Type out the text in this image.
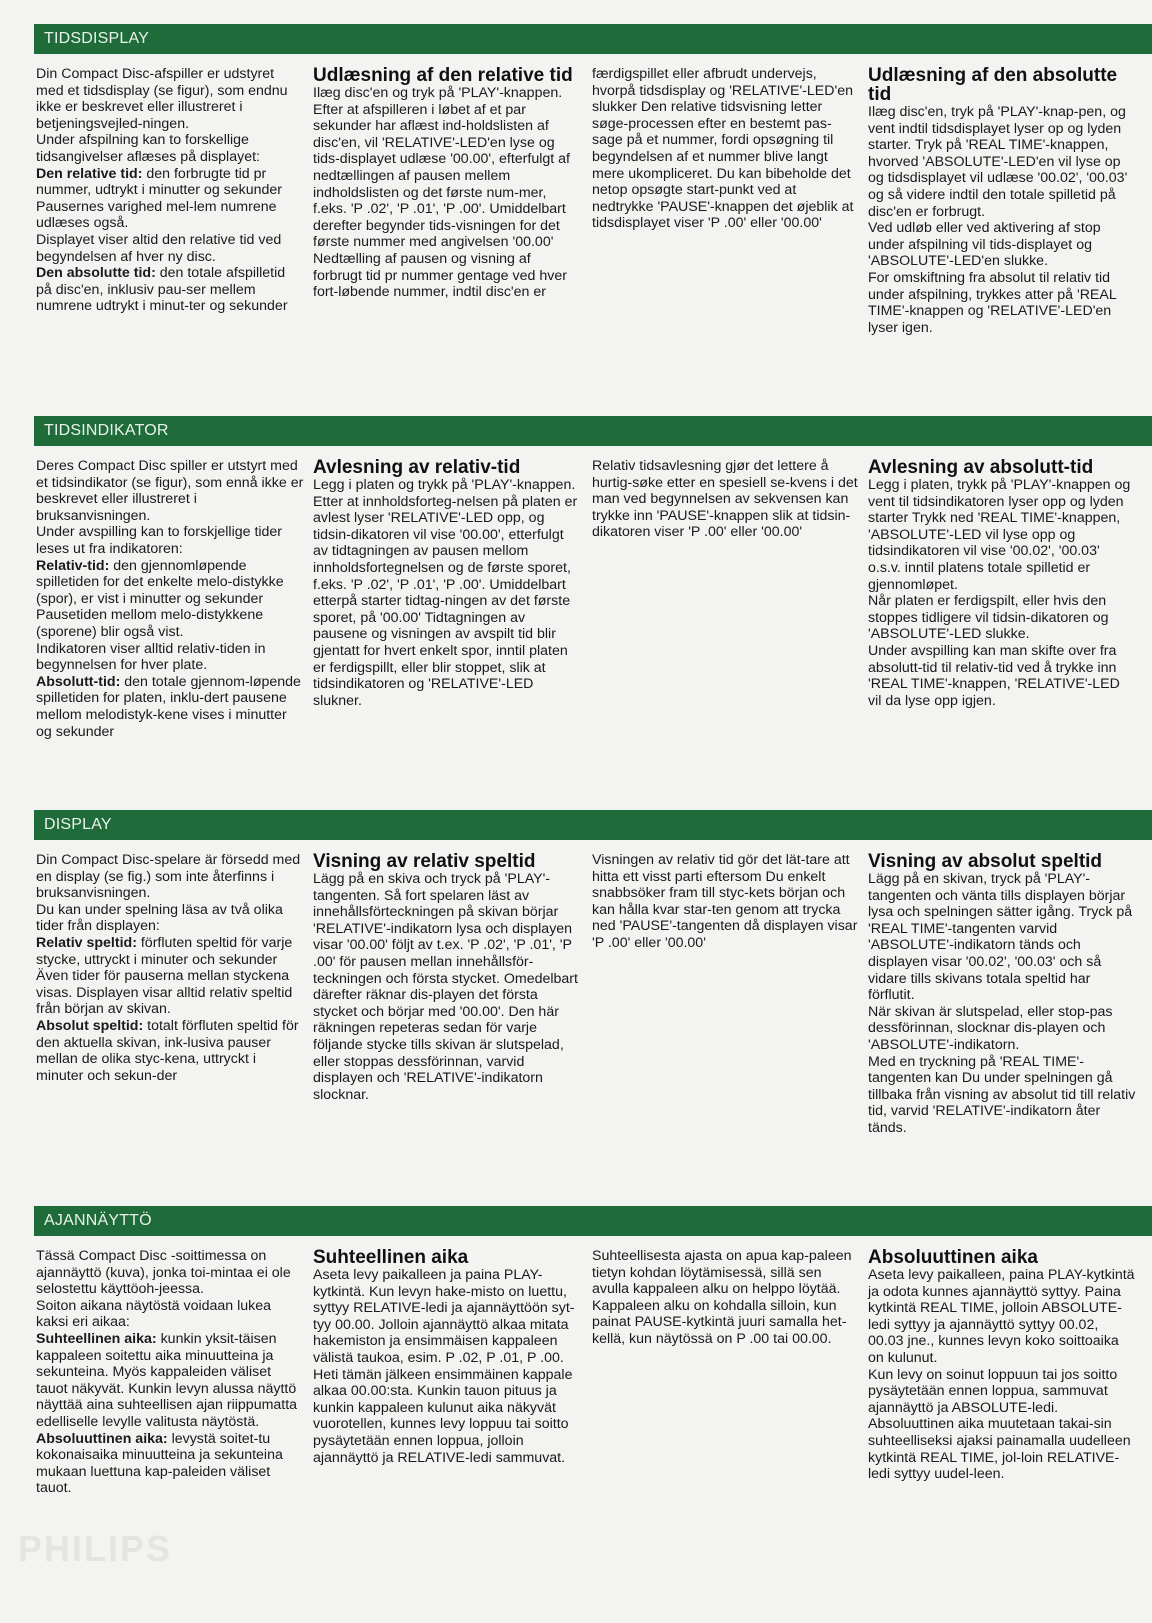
TIDSDISPLAY

Din Compact Disc-afspiller er udstyret med et tidsdisplay (se figur), som endnu ikke er beskrevet eller illustreret i betjeningsvejled-ningen.

Under afspilning kan to forskellige tidsangivelser aflæses på displayet:

Den relative tid: den forbrugte tid pr nummer, udtrykt i minutter og sekunder Pausernes varighed mel-lem numrene udlæses også.

Displayet viser altid den relative tid ved begyndelsen af hver ny disc.

Den absolutte tid: den totale afspilletid på disc'en, inklusiv pau-ser mellem numrene udtrykt i minut-ter og sekunder

Udlæsning af den relative tid

Ilæg disc'en og tryk på 'PLAY'-knappen. Efter at afspilleren i løbet af et par sekunder har aflæst ind-holdslisten af disc'en, vil 'RELATIVE'-LED'en lyse og tids-displayet udlæse '00.00', efterfulgt af nedtællingen af pausen mellem indholdslisten og det første num-mer, f.eks. 'P .02', 'P .01', 'P .00'. Umiddelbart derefter begynder tids-visningen for det første nummer med angivelsen '00.00' Nedtælling af pausen og visning af forbrugt tid pr nummer gentage ved hver fort-løbende nummer, indtil disc'en er

færdigspillet eller afbrudt undervejs, hvorpå tidsdisplay og 'RELATIVE'-LED'en slukker Den relative tidsvisning letter søge-processen efter en bestemt pas-sage på et nummer, fordi opsøgning til begyndelsen af et nummer blive langt mere ukompliceret. Du kan bibeholde det netop opsøgte start-punkt ved at nedtrykke 'PAUSE'-knappen det øjeblik at tidsdisplayet viser 'P .00' eller '00.00'

Udlæsning af den absolutte tid

Ilæg disc'en, tryk på 'PLAY'-knap-pen, og vent indtil tidsdisplayet lyser op og lyden starter. Tryk på 'REAL TIME'-knappen, hvorved 'ABSOLUTE'-LED'en vil lyse op og tidsdisplayet vil udlæse '00.02', '00.03' og så videre indtil den totale spilletid på disc'en er forbrugt.

Ved udløb eller ved aktivering af stop under afspilning vil tids-displayet og 'ABSOLUTE'-LED'en slukke.

For omskiftning fra absolut til relativ tid under afspilning, trykkes atter på 'REAL TIME'-knappen og 'RELATIVE'-LED'en lyser igen.

TIDSINDIKATOR

Deres Compact Disc spiller er utstyrt med et tidsindikator (se figur), som ennå ikke er beskrevet eller illustreret i bruksanvisningen.

Under avspilling kan to forskjellige tider leses ut fra indikatoren:

Relativ-tid: den gjennomløpende spilletiden for det enkelte melo-distykke (spor), er vist i minutter og sekunder Pausetiden mellom melo-distykkene (sporene) blir også vist.

Indikatoren viser alltid relativ-tiden in begynnelsen for hver plate.

Absolutt-tid: den totale gjennom-løpende spilletiden for platen, inklu-dert pausene mellom melodistyk-kene vises i minutter og sekunder

Avlesning av relativ-tid

Legg i platen og trykk på 'PLAY'-knappen. Etter at innholdsforteg-nelsen på platen er avlest lyser 'RELATIVE'-LED opp, og tidsin-dikatoren vil vise '00.00', etterfulgt av tidtagningen av pausen mellom innholdsfortegnelsen og de første sporet, f.eks. 'P .02', 'P .01', 'P .00'. Umiddelbart etterpå starter tidtag-ningen av det første sporet, på '00.00' Tidtagningen av pausene og visningen av avspilt tid blir gjentatt for hvert enkelt spor, inntil platen er ferdigspillt, eller blir stoppet, slik at tidsindikatoren og 'RELATIVE'-LED slukner.

Relativ tidsavlesning gjør det lettere å hurtig-søke etter en spesiell se-kvens i det man ved begynnelsen av sekvensen kan trykke inn 'PAUSE'-knappen slik at tidsin-dikatoren viser 'P .00' eller '00.00'

Avlesning av absolutt-tid

Legg i platen, trykk på 'PLAY'-knappen og vent til tidsindikatoren lyser opp og lyden starter Trykk ned 'REAL TIME'-knappen, 'ABSOLUTE'-LED vil lyse opp og tidsindikatoren vil vise '00.02', '00.03' o.s.v. inntil platens totale spilletid er gjennomløpet.

Når platen er ferdigspilt, eller hvis den stoppes tidligere vil tidsin-dikatoren og 'ABSOLUTE'-LED slukke.

Under avspilling kan man skifte over fra absolutt-tid til relativ-tid ved å trykke inn 'REAL TIME'-knappen, 'RELATIVE'-LED vil da lyse opp igjen.

DISPLAY

Din Compact Disc-spelare är försedd med en display (se fig.) som inte återfinns i bruksanvisningen.

Du kan under spelning läsa av två olika tider från displayen:

Relativ speltid: förfluten speltid för varje stycke, uttryckt i minuter och sekunder Även tider för pauserna mellan styckena visas. Displayen visar alltid relativ speltid från början av skivan.

Absolut speltid: totalt förfluten speltid för den aktuella skivan, ink-lusiva pauser mellan de olika styc-kena, uttryckt i minuter och sekun-der

Visning av relativ speltid

Lägg på en skiva och tryck på 'PLAY'-tangenten. Så fort spelaren läst av innehållsförteckningen på skivan börjar 'RELATIVE'-indikatorn lysa och displayen visar '00.00' följt av t.ex. 'P .02', 'P .01', 'P .00' för pausen mellan innehållsför-teckningen och första stycket. Omedelbart därefter räknar dis-playen det första stycket och börjar med '00.00'. Den här räkningen repeteras sedan för varje följande stycke tills skivan är slutspelad, eller stoppas dessförinnan, varvid displayen och 'RELATIVE'-indikatorn slocknar.

Visningen av relativ tid gör det lät-tare att hitta ett visst parti eftersom Du enkelt snabbsöker fram till styc-kets början och kan hålla kvar star-ten genom att trycka ned 'PAUSE'-tangenten då displayen visar 'P .00' eller '00.00'

Visning av absolut speltid

Lägg på en skivan, tryck på 'PLAY'-tangenten och vänta tills displayen börjar lysa och spelningen sätter igång. Tryck på 'REAL TIME'-tangenten varvid 'ABSOLUTE'-indikatorn tänds och displayen visar '00.02', '00.03' och så vidare tills skivans totala speltid har förflutit.

När skivan är slutspelad, eller stop-pas dessförinnan, slocknar dis-playen och 'ABSOLUTE'-indikatorn.

Med en tryckning på 'REAL TIME'-tangenten kan Du under spelningen gå tillbaka från visning av absolut tid till relativ tid, varvid 'RELATIVE'-indikatorn åter tänds.

AJANNÄYTTÖ

Tässä Compact Disc -soittimessa on ajannäyttö (kuva), jonka toi-mintaa ei ole selostettu käyttöoh-jeessa.

Soiton aikana näytöstä voidaan lukea kaksi eri aikaa:

Suhteellinen aika: kunkin yksit-täisen kappaleen soitettu aika minuutteina ja sekunteina. Myös kappaleiden väliset tauot näkyvät. Kunkin levyn alussa näyttö näyttää aina suhteellisen ajan riippumatta edelliselle levylle valitusta näytöstä.

Absoluuttinen aika: levystä soitet-tu kokonaisaika minuutteina ja sekunteina mukaan luettuna kap-paleiden väliset tauot.

Suhteellinen aika

Aseta levy paikalleen ja paina PLAY-kytkintä. Kun levyn hake-misto on luettu, syttyy RELATIVE-ledi ja ajannäyttöön syt-tyy 00.00. Jolloin ajannäyttö alkaa mitata hakemiston ja ensimmäisen kappaleen välistä taukoa, esim. P .02, P .01, P .00. Heti tämän jälkeen ensimmäinen kappale alkaa 00.00:sta. Kunkin tauon pituus ja kunkin kappaleen kulunut aika näkyvät vuorotellen, kunnes levy loppuu tai soitto pysäytetään ennen loppua, jolloin ajannäyttö ja RELATIVE-ledi sammuvat.

Suhteellisesta ajasta on apua kap-paleen tietyn kohdan löytämisessä, sillä sen avulla kappaleen alku on helppo löytää. Kappaleen alku on kohdalla silloin, kun painat PAUSE-kytkintä juuri samalla het-kellä, kun näytössä on P .00 tai 00.00.

Absoluuttinen aika

Aseta levy paikalleen, paina PLAY-kytkintä ja odota kunnes ajannäyttö syttyy. Paina kytkintä REAL TIME, jolloin ABSOLUTE-ledi syttyy ja ajannäyttö syttyy 00.02, 00.03 jne., kunnes levyn koko soittoaika on kulunut.

Kun levy on soinut loppuun tai jos soitto pysäytetään ennen loppua, sammuvat ajannäyttö ja ABSOLUTE-ledi.

Absoluuttinen aika muutetaan takai-sin suhteelliseksi ajaksi painamalla uudelleen kytkintä REAL TIME, jol-loin RELATIVE-ledi syttyy uudel-leen.

PHILIPS
